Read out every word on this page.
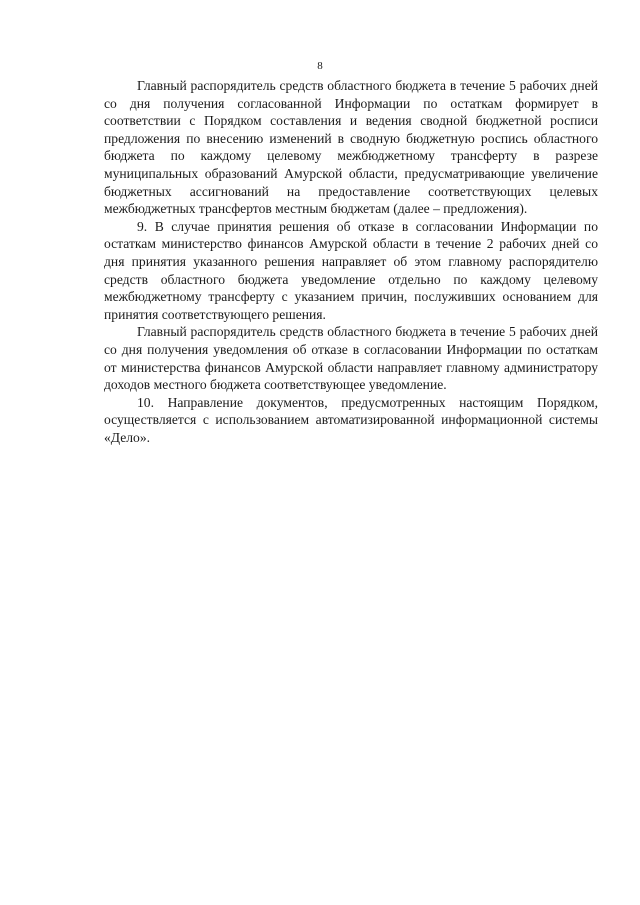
8

Главный распорядитель средств областного бюджета в течение 5 рабочих дней со дня получения согласованной Информации по остаткам формирует в соответствии с Порядком составления и ведения сводной бюджетной росписи предложения по внесению изменений в сводную бюджетную роспись областного бюджета по каждому целевому межбюджетному трансферту в разрезе муниципальных образований Амурской области, предусматривающие увеличение бюджетных ассигнований на предоставление соответствующих целевых межбюджетных трансфертов местным бюджетам (далее – предложения).

9. В случае принятия решения об отказе в согласовании Информации по остаткам министерство финансов Амурской области в течение 2 рабочих дней со дня принятия указанного решения направляет об этом главному распорядителю средств областного бюджета уведомление отдельно по каждому целевому межбюджетному трансферту с указанием причин, послуживших основанием для принятия соответствующего решения.

Главный распорядитель средств областного бюджета в течение 5 рабочих дней со дня получения уведомления об отказе в согласовании Информации по остаткам от министерства финансов Амурской области направляет главному администратору доходов местного бюджета соответствующее уведомление.

10. Направление документов, предусмотренных настоящим Порядком, осуществляется с использованием автоматизированной информационной системы «Дело».
